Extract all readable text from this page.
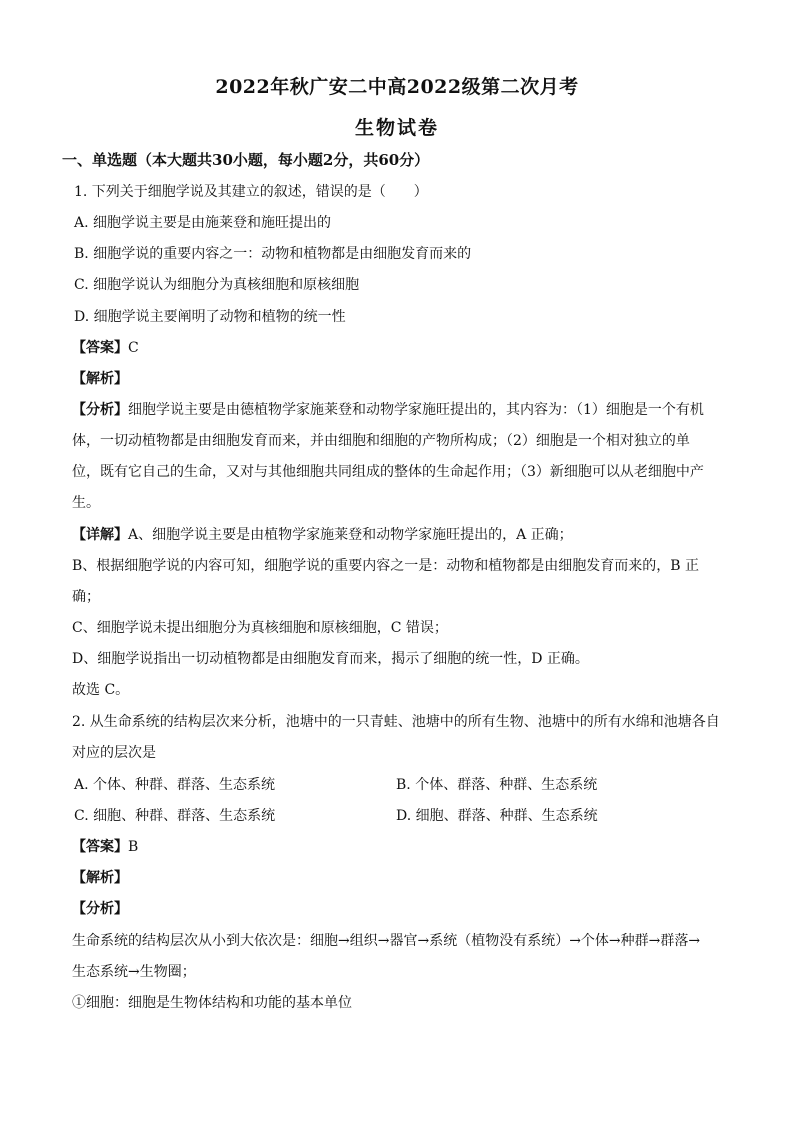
2022年秋广安二中高2022级第二次月考
生物试卷
一、单选题（本大题共30小题，每小题2分，共60分）
1. 下列关于细胞学说及其建立的叙述，错误的是（　　）
A. 细胞学说主要是由施莱登和施旺提出的
B. 细胞学说的重要内容之一：动物和植物都是由细胞发育而来的
C. 细胞学说认为细胞分为真核细胞和原核细胞
D. 细胞学说主要阐明了动物和植物的统一性
【答案】C
【解析】
【分析】细胞学说主要是由德植物学家施莱登和动物学家施旺提出的，其内容为：（1）细胞是一个有机
体，一切动植物都是由细胞发育而来，并由细胞和细胞的产物所构成；（2）细胞是一个相对独立的单
位，既有它自己的生命，又对与其他细胞共同组成的整体的生命起作用；（3）新细胞可以从老细胞中产
生。
【详解】A、细胞学说主要是由植物学家施莱登和动物学家施旺提出的，A 正确；
B、根据细胞学说的内容可知，细胞学说的重要内容之一是：动物和植物都是由细胞发育而来的，B 正
确；
C、细胞学说未提出细胞分为真核细胞和原核细胞，C 错误；
D、细胞学说指出一切动植物都是由细胞发育而来，揭示了细胞的统一性，D 正确。
故选 C。
2. 从生命系统的结构层次来分析，池塘中的一只青蛙、池塘中的所有生物、池塘中的所有水绵和池塘各自
对应的层次是
A. 个体、种群、群落、生态系统	B. 个体、群落、种群、生态系统
C. 细胞、种群、群落、生态系统	D. 细胞、群落、种群、生态系统
【答案】B
【解析】
【分析】
生命系统的结构层次从小到大依次是：细胞→组织→器官→系统（植物没有系统）→个体→种群→群落→
生态系统→生物圈；
①细胞：细胞是生物体结构和功能的基本单位
